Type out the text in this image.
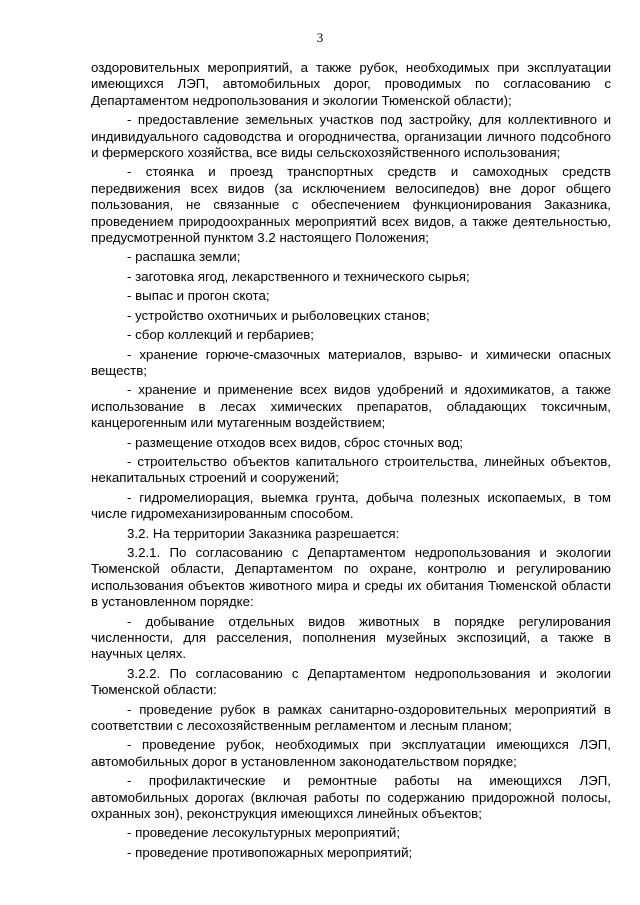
3

оздоровительных мероприятий, а также рубок, необходимых при эксплуатации имеющихся ЛЭП, автомобильных дорог, проводимых по согласованию с Департаментом недропользования и экологии Тюменской области);

- предоставление земельных участков под застройку, для коллективного и индивидуального садоводства и огородничества, организации личного подсобного и фермерского хозяйства, все виды сельскохозяйственного использования;

- стоянка и проезд транспортных средств и самоходных средств передвижения всех видов (за исключением велосипедов) вне дорог общего пользования, не связанные с обеспечением функционирования Заказника, проведением природоохранных мероприятий всех видов, а также деятельностью, предусмотренной пунктом 3.2 настоящего Положения;

- распашка земли;

- заготовка ягод, лекарственного и технического сырья;

- выпас и прогон скота;

- устройство охотничьих и рыболовецких станов;

- сбор коллекций и гербариев;

- хранение горюче-смазочных материалов, взрыво- и химически опасных веществ;

- хранение и применение всех видов удобрений и ядохимикатов, а также использование в лесах химических препаратов, обладающих токсичным, канцерогенным или мутагенным воздействием;

- размещение отходов всех видов, сброс сточных вод;

- строительство объектов капитального строительства, линейных объектов, некапитальных строений и сооружений;

- гидромелиорация, выемка грунта, добыча полезных ископаемых, в том числе гидромеханизированным способом.

3.2. На территории Заказника разрешается:

3.2.1. По согласованию с Департаментом недропользования и экологии Тюменской области, Департаментом по охране, контролю и регулированию использования объектов животного мира и среды их обитания Тюменской области в установленном порядке:

- добывание отдельных видов животных в порядке регулирования численности, для расселения, пополнения музейных экспозиций, а также в научных целях.

3.2.2. По согласованию с Департаментом недропользования и экологии Тюменской области:

- проведение рубок в рамках санитарно-оздоровительных мероприятий в соответствии с лесохозяйственным регламентом и лесным планом;

- проведение рубок, необходимых при эксплуатации имеющихся ЛЭП, автомобильных дорог в установленном законодательством порядке;

- профилактические и ремонтные работы на имеющихся ЛЭП, автомобильных дорогах (включая работы по содержанию придорожной полосы, охранных зон), реконструкция имеющихся линейных объектов;

- проведение лесокультурных мероприятий;

- проведение противопожарных мероприятий;
